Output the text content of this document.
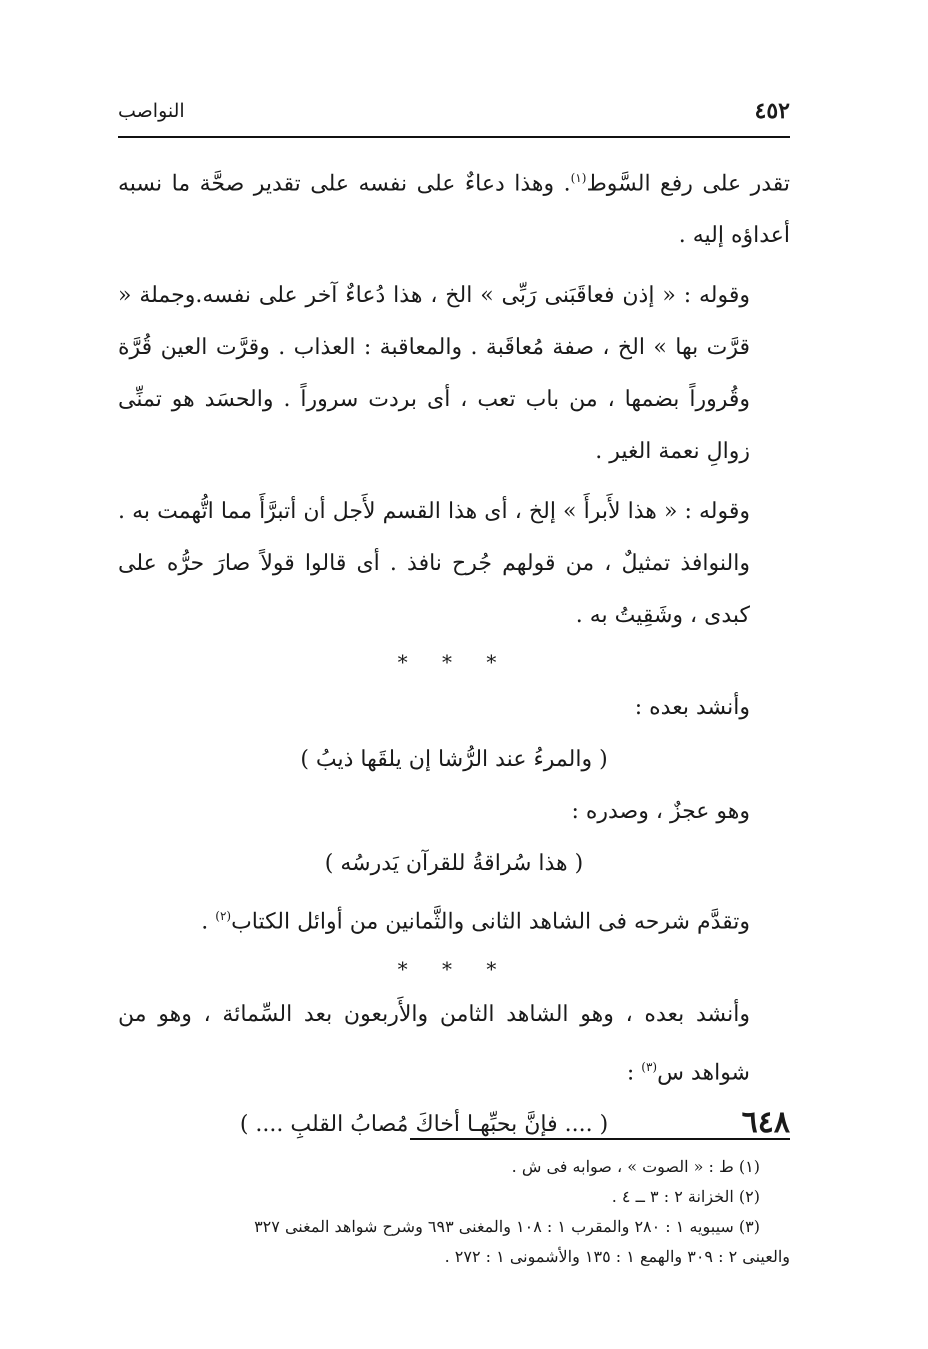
٤٥٢
النواصب

تقدر على رفع السَّوط$^{(١)}$. وهذا دعاءٌ على نفسه على تقدير صحَّة ما نسبه أعداؤه إليه .

وقوله : « إذن فعاقَبَنى رَبِّى » الخ ، هذا دُعاءٌ آخر على نفسه.وجملة « قرَّت بها » الخ ، صفة مُعاقَبة . والمعاقبة : العذاب . وقرَّت العين قُرَّة وقُروراً بضمها ، من باب تعب ، أى بردت سروراً . والحسَد هو تمنِّى زوالِ نعمة الغير .

وقوله : « هذا لأَبرأَ » إلخ ، أى هذا القسم لأَجل أن أتبرَّأَ مما اتُّهمت به . والنوافذ تمثيلٌ ، من قولهم جُرح نافذ . أى قالوا قولاً صارَ حرُّه على كبدى ، وشَقِيتُ به .

* * *

وأنشد بعده :

( والمرءُ عند الرُّشا إن يلقَها ذيبُ )

وهو عجزٌ ، وصدره :

( هذا سُراقةُ للقرآن يَدرسُه )

وتقدَّم شرحه فى الشاهد الثانى والثَّمانين من أوائل الكتاب$^{(٢)}$ .

* * *

وأنشد بعده ، وهو الشاهد الثامن والأَربعون بعد السِّمائة ، وهو من شواهد س$^{(٣)}$ :

٦٤٨
( .... فإنَّ بحبِّهـا أخاكَ مُصابُ القلبِ .... )

(١) ط : « الصوت » ، صوابه فى ش .

(٢) الخزانة ٢ : ٣ ــ ٤ .

(٣) سيبويه ١ : ٢٨٠ والمقرب ١ : ١٠٨ والمغنى ٦٩٣ وشرح شواهد المغنى ٣٢٧

والعينى ٢ : ٣٠٩ والهمع ١ : ١٣٥ والأشمونى ١ : ٢٧٢ .
